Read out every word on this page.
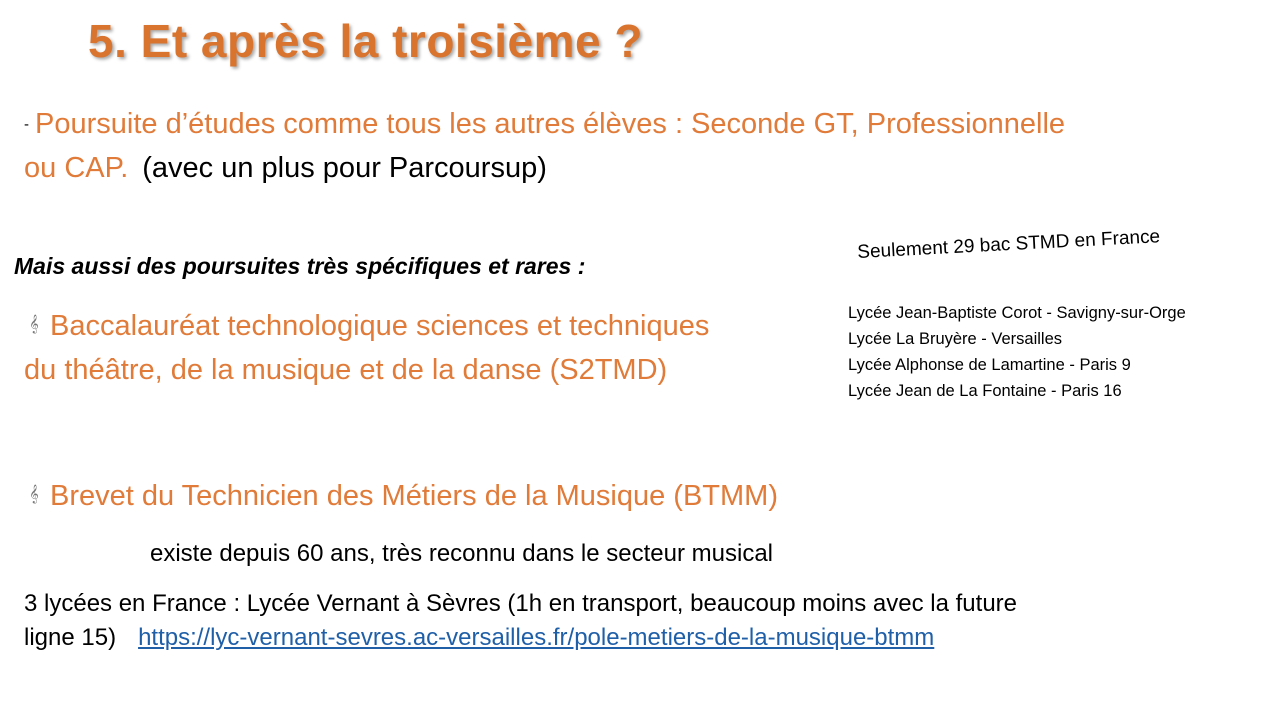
5. Et après la troisième ?
- Poursuite d’études comme tous les autres élèves : Seconde GT, Professionnelle
ou CAP. (avec un plus pour Parcoursup)
Mais aussi des poursuites très spécifiques et rares :
Seulement 29 bac STMD en France
Lycée Jean-Baptiste Corot - Savigny-sur-Orge
Lycée La Bruyère - Versailles
Lycée Alphonse de Lamartine - Paris 9
Lycée Jean de La Fontaine - Paris 16
𝄞 Baccalauréat technologique sciences et techniques
du théâtre, de la musique et de la danse (S2TMD)
𝄞 Brevet du Technicien des Métiers de la Musique (BTMM)
existe depuis 60 ans, très reconnu dans le secteur musical
3 lycées en France : Lycée Vernant à Sèvres (1h en transport, beaucoup moins avec la future
ligne 15) https://lyc-vernant-sevres.ac-versailles.fr/pole-metiers-de-la-musique-btmm
